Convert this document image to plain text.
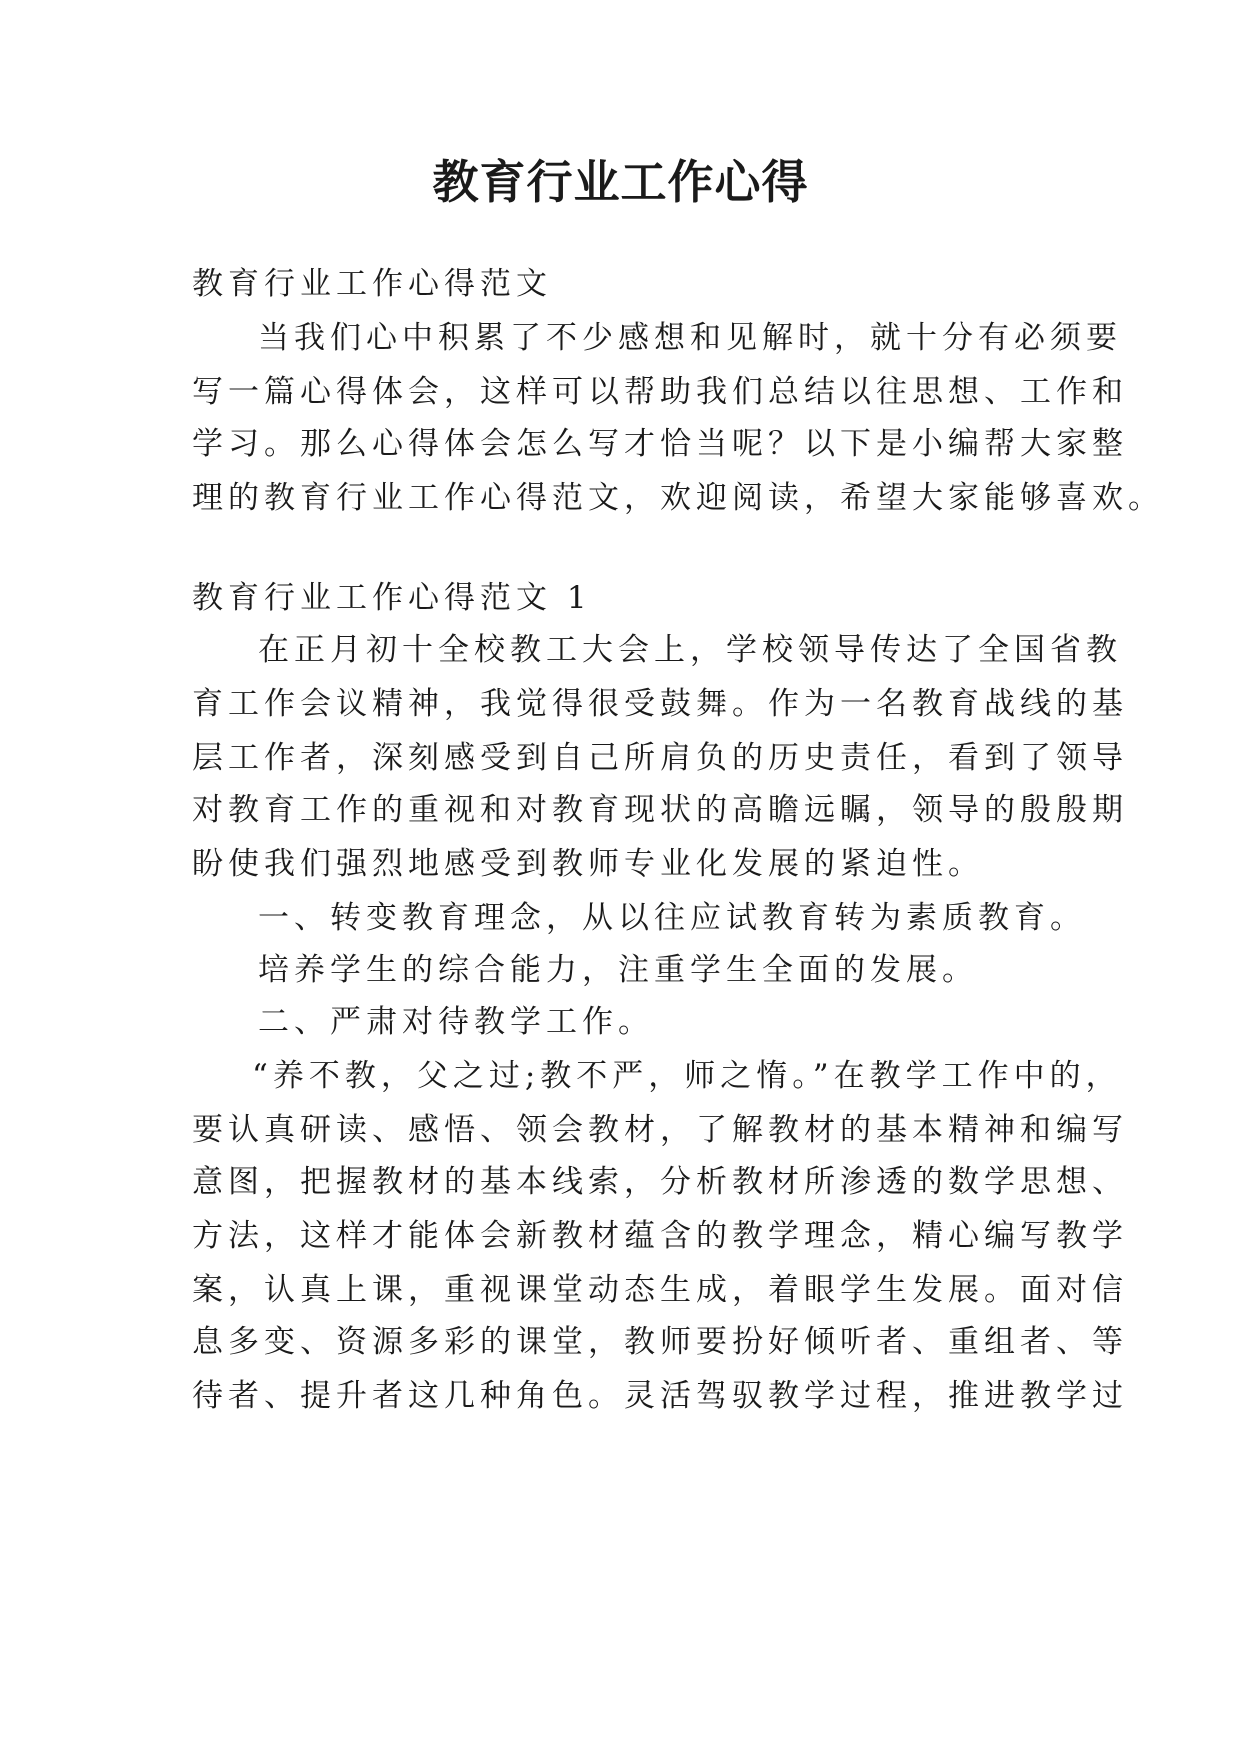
教育行业工作心得

教育行业工作心得范文

当我们心中积累了不少感想和见解时，就十分有必须要

写一篇心得体会，这样可以帮助我们总结以往思想、工作和

学习。那么心得体会怎么写才恰当呢？以下是小编帮大家整

理的教育行业工作心得范文，欢迎阅读，希望大家能够喜欢。

教育行业工作心得范文 1

在正月初十全校教工大会上，学校领导传达了全国省教

育工作会议精神，我觉得很受鼓舞。作为一名教育战线的基

层工作者，深刻感受到自己所肩负的历史责任，看到了领导

对教育工作的重视和对教育现状的高瞻远瞩，领导的殷殷期

盼使我们强烈地感受到教师专业化发展的紧迫性。

一、转变教育理念，从以往应试教育转为素质教育。

培养学生的综合能力，注重学生全面的发展。

二、严肃对待教学工作。

“养不教，父之过;教不严，师之惰。”在教学工作中的，

要认真研读、感悟、领会教材，了解教材的基本精神和编写

意图，把握教材的基本线索，分析教材所渗透的数学思想、

方法，这样才能体会新教材蕴含的教学理念，精心编写教学

案，认真上课，重视课堂动态生成，着眼学生发展。面对信

息多变、资源多彩的课堂，教师要扮好倾听者、重组者、等

待者、提升者这几种角色。灵活驾驭教学过程，推进教学过
